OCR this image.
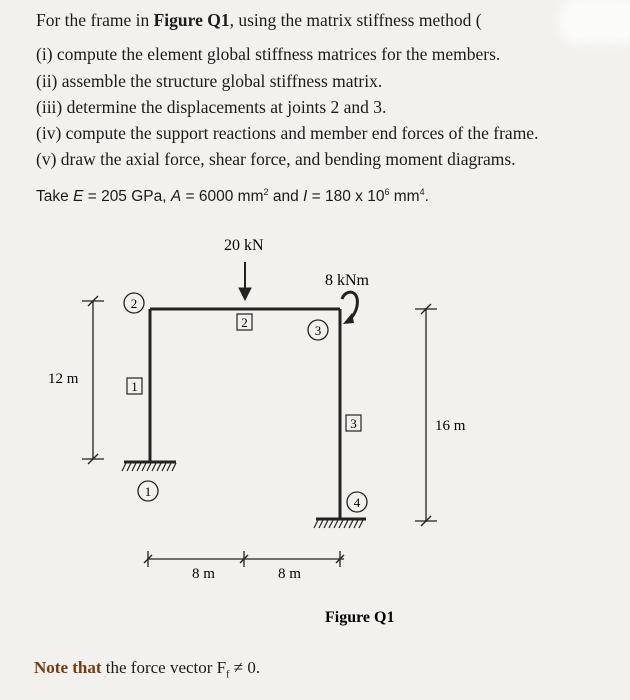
For the frame in Figure Q1, using the matrix stiffness method (
(i) compute the element global stiffness matrices for the members.
(ii) assemble the structure global stiffness matrix.
(iii) determine the displacements at joints 2 and 3.
(iv) compute the support reactions and member end forces of the frame.
(v) draw the axial force, shear force, and bending moment diagrams.
Take E = 205 GPa, A = 6000 $mm^2$ and I = 180 x $10^6$ $mm^4$.
20 kN
8 kNm
12 m
16 m
8 m	8 m
1
2
3
4
1
2
3
Figure Q1
Note that the force vector $F_f \ne 0$.
